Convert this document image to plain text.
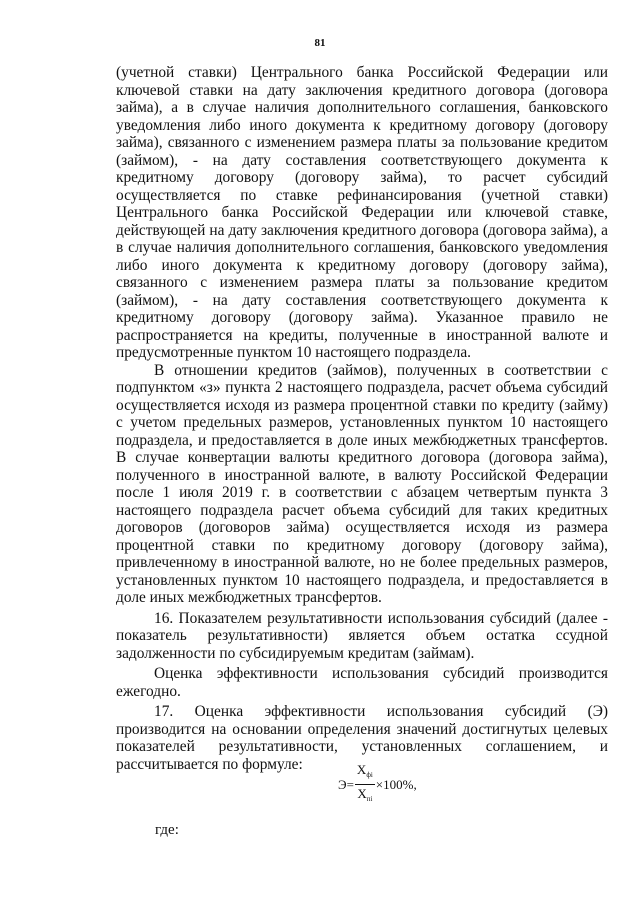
81

(учетной ставки) Центрального банка Российской Федерации или ключевой ставки на дату заключения кредитного договора (договора займа), а в случае наличия дополнительного соглашения, банковского уведомления либо иного документа к кредитному договору (договору займа), связанного с изменением размера платы за пользование кредитом (займом), - на дату составления соответствующего документа к кредитному договору (договору займа), то расчет субсидий осуществляется по ставке рефинансирования (учетной ставки) Центрального банка Российской Федерации или ключевой ставке, действующей на дату заключения кредитного договора (договора займа), а в случае наличия дополнительного соглашения, банковского уведомления либо иного документа к кредитному договору (договору займа), связанного с изменением размера платы за пользование кредитом (займом), - на дату составления соответствующего документа к кредитному договору (договору займа). Указанное правило не распространяется на кредиты, полученные в иностранной валюте и предусмотренные пунктом 10 настоящего подраздела.

В отношении кредитов (займов), полученных в соответствии с подпунктом «з» пункта 2 настоящего подраздела, расчет объема субсидий осуществляется исходя из размера процентной ставки по кредиту (займу) с учетом предельных размеров, установленных пунктом 10 настоящего подраздела, и предоставляется в доле иных межбюджетных трансфертов. В случае конвертации валюты кредитного договора (договора займа), полученного в иностранной валюте, в валюту Российской Федерации после 1 июля 2019 г. в соответствии с абзацем четвертым пункта 3 настоящего подраздела расчет объема субсидий для таких кредитных договоров (договоров займа) осуществляется исходя из размера процентной ставки по кредитному договору (договору займа), привлеченному в иностранной валюте, но не более предельных размеров, установленных пунктом 10 настоящего подраздела, и предоставляется в доле иных межбюджетных трансфертов.

16. Показателем результативности использования субсидий (далее - показатель результативности) является объем остатка ссудной задолженности по субсидируемым кредитам (займам).

Оценка эффективности использования субсидий производится ежегодно.

17. Оценка эффективности использования субсидий (Э) производится на основании определения значений достигнутых целевых показателей результативности, установленных соглашением, и рассчитывается по формуле:

$Э= \frac{Х_{фi}}{Х_{пi}} \times 100\%$,
где:
